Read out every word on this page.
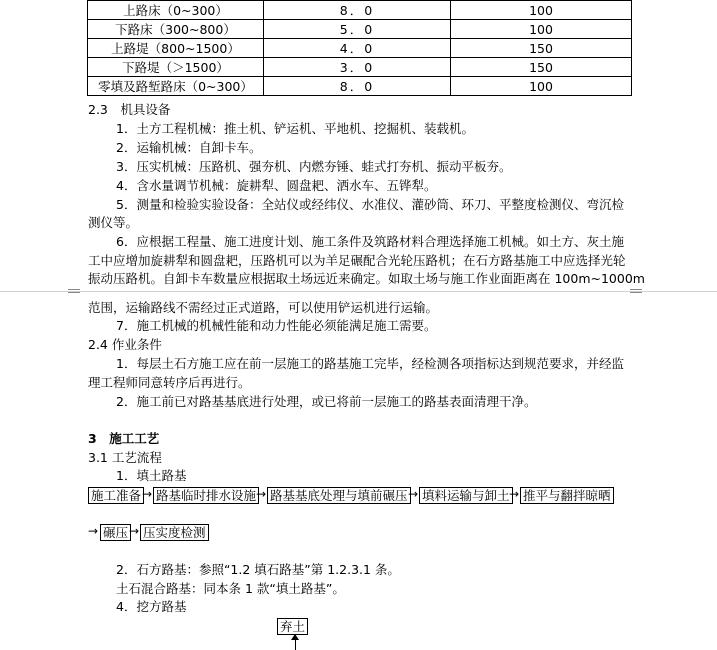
上路床（0~300）	8．0	100
下路床（300~800）	5．0	100
上路堤（800~1500）	4．0	150
下路堤（＞1500）	3．0	150
零填及路堑路床（0~300）	8．0	100
2.3　机具设备
1．土方工程机械：推土机、铲运机、平地机、挖掘机、装载机。
2．运输机械：自卸卡车。
3．压实机械：压路机、强夯机、内燃夯锤、蛙式打夯机、振动平板夯。
4．含水量调节机械：旋耕犁、圆盘耙、洒水车、五铧犁。
5．测量和检验实验设备：全站仪或经纬仪、水准仪、灌砂筒、环刀、平整度检测仪、弯沉检
测仪等。
6．应根据工程量、施工进度计划、施工条件及筑路材料合理选择施工机械。如土方、灰土施
工中应增加旋耕犁和圆盘耙，压路机可以为羊足碾配合光轮压路机；在石方路基施工中应选择光轮
振动压路机。自卸卡车数量应根据取土场远近来确定。如取土场与施工作业面距离在 100m~1000m
范围，运输路线不需经过正式道路，可以使用铲运机进行运输。
7．施工机械的机械性能和动力性能必须能满足施工需要。
2.4 作业条件
1．每层土石方施工应在前一层施工的路基施工完毕，经检测各项指标达到规范要求，并经监
理工程师同意转序后再进行。
2．施工前已对路基基底进行处理，或已将前一层施工的路基表面清理干净。
3　施工工艺
3.1 工艺流程
1．填土路基
施工准备 → 路基临时排水设施 → 路基基底处理与填前碾压 → 填料运输与卸土 → 推平与翻拌晾晒
→ 碾压 → 压实度检测
2．石方路基：参照“1.2 填石路基”第 1.2.3.1 条。
土石混合路基：同本条 1 款“填土路基”。
4．挖方路基
弃土
